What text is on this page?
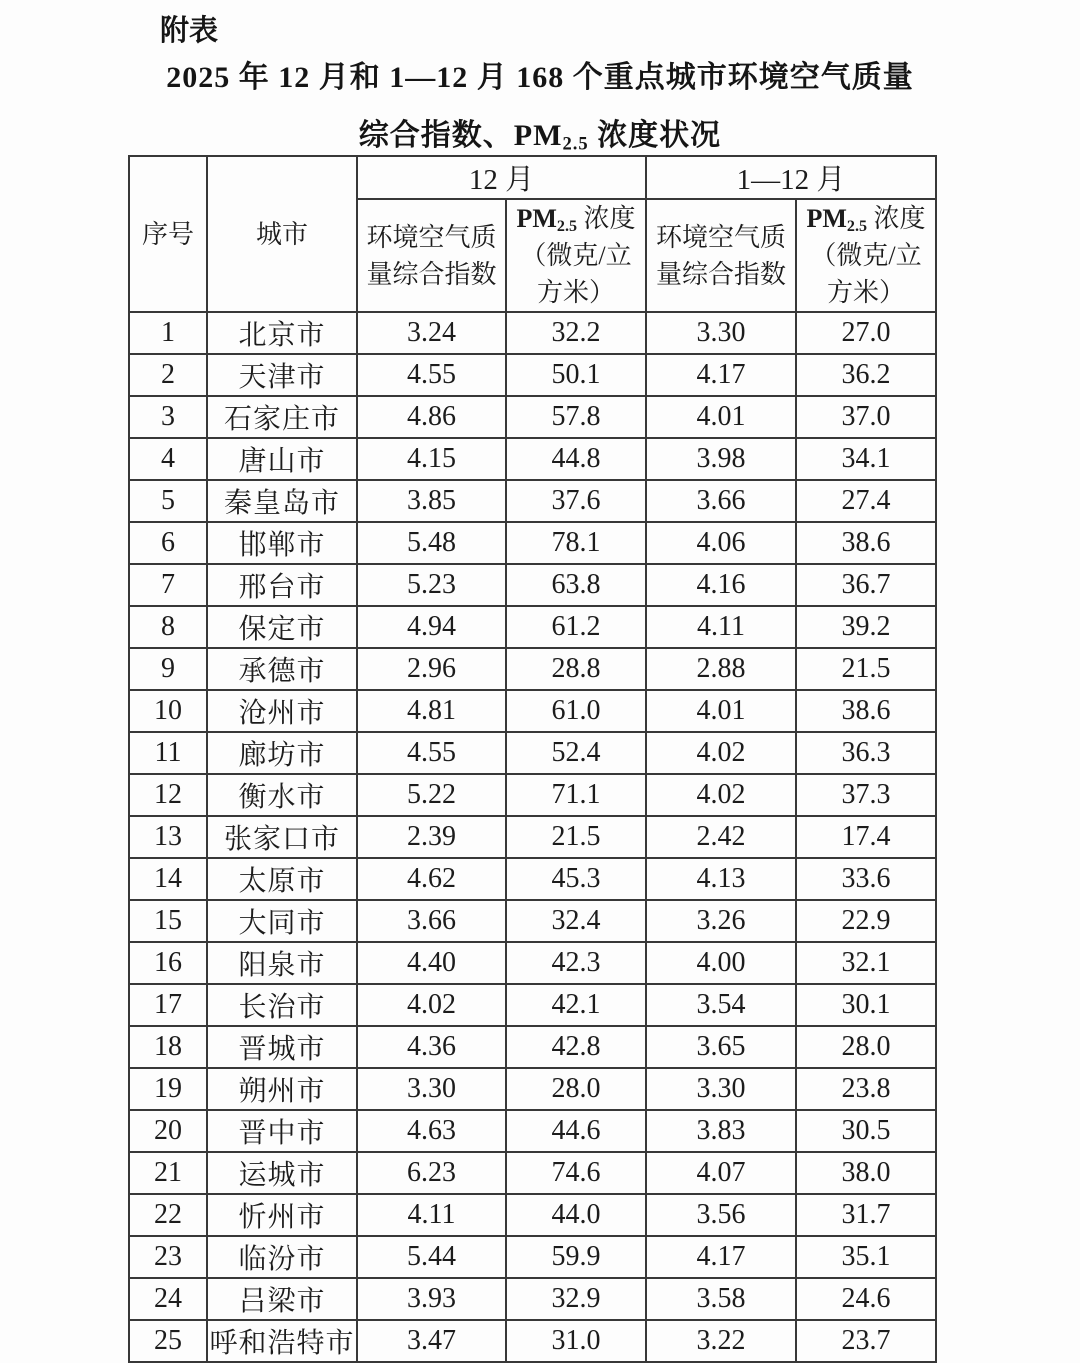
附表
2025 年 12 月和 1—12 月 168 个重点城市环境空气质量
综合指数、$PM_{2.5}$ 浓度状况
序号	城市	12 月		1—12 月	

环境空气质
量综合指数

$PM_{2.5}$ 浓度
（微克/立
方米）

环境空气质
量综合指数

$PM_{2.5}$ 浓度
（微克/立
方米）

1	北京市	3.24	32.2	3.30	27.0
2	天津市	4.55	50.1	4.17	36.2
3	石家庄市	4.86	57.8	4.01	37.0
4	唐山市	4.15	44.8	3.98	34.1
5	秦皇岛市	3.85	37.6	3.66	27.4
6	邯郸市	5.48	78.1	4.06	38.6
7	邢台市	5.23	63.8	4.16	36.7
8	保定市	4.94	61.2	4.11	39.2
9	承德市	2.96	28.8	2.88	21.5
10	沧州市	4.81	61.0	4.01	38.6
11	廊坊市	4.55	52.4	4.02	36.3
12	衡水市	5.22	71.1	4.02	37.3
13	张家口市	2.39	21.5	2.42	17.4
14	太原市	4.62	45.3	4.13	33.6
15	大同市	3.66	32.4	3.26	22.9
16	阳泉市	4.40	42.3	4.00	32.1
17	长治市	4.02	42.1	3.54	30.1
18	晋城市	4.36	42.8	3.65	28.0
19	朔州市	3.30	28.0	3.30	23.8
20	晋中市	4.63	44.6	3.83	30.5
21	运城市	6.23	74.6	4.07	38.0
22	忻州市	4.11	44.0	3.56	31.7
23	临汾市	5.44	59.9	4.17	35.1
24	吕梁市	3.93	32.9	3.58	24.6
25	呼和浩特市	3.47	31.0	3.22	23.7
